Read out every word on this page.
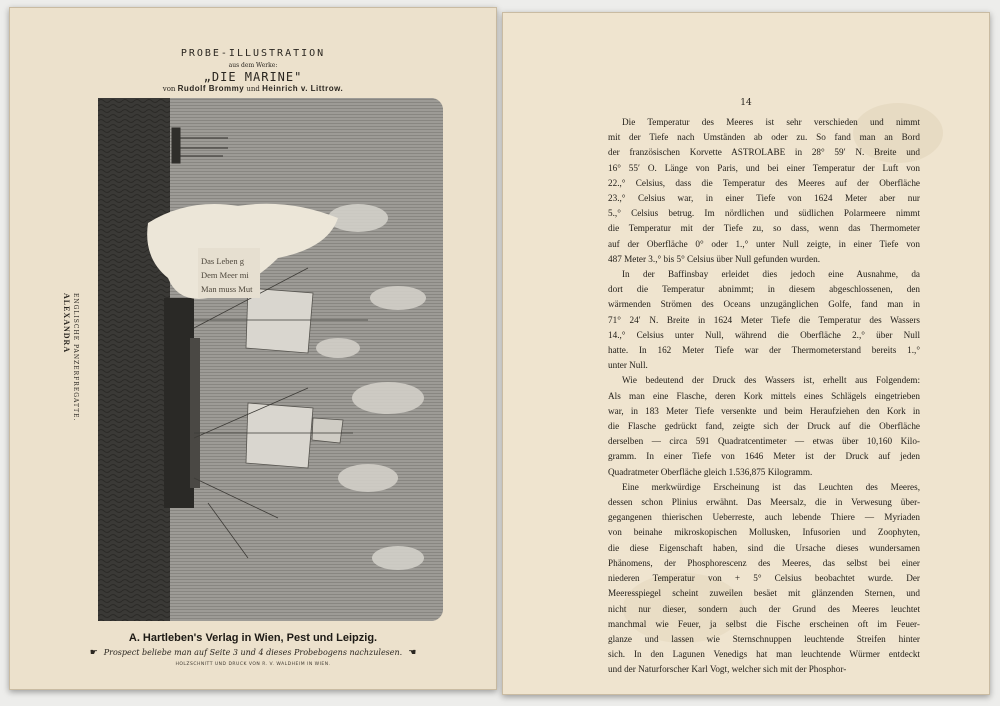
PROBE-ILLUSTRATION
aus dem Werke:
„DIE MARINE"
von Rudolf Brommy und Heinrich v. Littrow.
ALEXANDRA ENGLISCHE PANZERFREGATTE.
Das Leben g
Dem Meer mi
Man muss Mut
A. Hartleben's Verlag in Wien, Pest und Leipzig.
☛ Prospect beliebe man auf Seite 3 und 4 dieses Probebogens nachzulesen. ☚
HOLZSCHNITT UND DRUCK VON R. V. WALDHEIM IN WIEN.
14
Die Temperatur des Meeres ist sehr verschieden und nimmt
mit der Tiefe nach Umständen ab oder zu. So fand man an Bord
der französischen Korvette ASTROLABE in 28° 59′ N. Breite und
16° 55′ O. Länge von Paris, und bei einer Temperatur der Luft von
22.,° Celsius, dass die Temperatur des Meeres auf der Oberfläche
23.,° Celsius war, in einer Tiefe von 1624 Meter aber nur
5.,° Celsius betrug. Im nördlichen und südlichen Polarmeere nimmt
die Temperatur mit der Tiefe zu, so dass, wenn das Thermometer
auf der Oberfläche 0° oder 1.,° unter Null zeigte, in einer Tiefe von
487 Meter 3.,° bis 5° Celsius über Null gefunden wurden.
In der Baffinsbay erleidet dies jedoch eine Ausnahme, da
dort die Temperatur abnimmt; in diesem abgeschlossenen, den
wärmenden Strömen des Oceans unzugänglichen Golfe, fand man in
71° 24′ N. Breite in 1624 Meter Tiefe die Temperatur des Wassers
14.,° Celsius unter Null, während die Oberfläche 2.,° über Null
hatte. In 162 Meter Tiefe war der Thermometerstand bereits 1.,°
unter Null.
Wie bedeutend der Druck des Wassers ist, erhellt aus Folgendem:
Als man eine Flasche, deren Kork mittels eines Schlägels eingetrieben
war, in 183 Meter Tiefe versenkte und beim Heraufziehen den Kork in
die Flasche gedrückt fand, zeigte sich der Druck auf die Oberfläche
derselben — circa 591 Quadratcentimeter — etwas über 10,160 Kilo-
gramm. In einer Tiefe von 1646 Meter ist der Druck auf jeden
Quadratmeter Oberfläche gleich 1.536,875 Kilogramm.
Eine merkwürdige Erscheinung ist das Leuchten des Meeres,
dessen schon Plinius erwähnt. Das Meersalz, die in Verwesung über-
gegangenen thierischen Ueberreste, auch lebende Thiere — Myriaden
von beinahe mikroskopischen Mollusken, Infusorien und Zoophyten,
die diese Eigenschaft haben, sind die Ursache dieses wundersamen
Phänomens, der Phosphorescenz des Meeres, das selbst bei einer
niederen Temperatur von + 5° Celsius beobachtet wurde. Der
Meeresspiegel scheint zuweilen besäet mit glänzenden Sternen, und
nicht nur dieser, sondern auch der Grund des Meeres leuchtet
manchmal wie Feuer, ja selbst die Fische erscheinen oft im Feuer-
glanze und lassen wie Sternschnuppen leuchtende Streifen hinter
sich. In den Lagunen Venedigs hat man leuchtende Würmer entdeckt
und der Naturforscher Karl Vogt, welcher sich mit der Phosphor-
